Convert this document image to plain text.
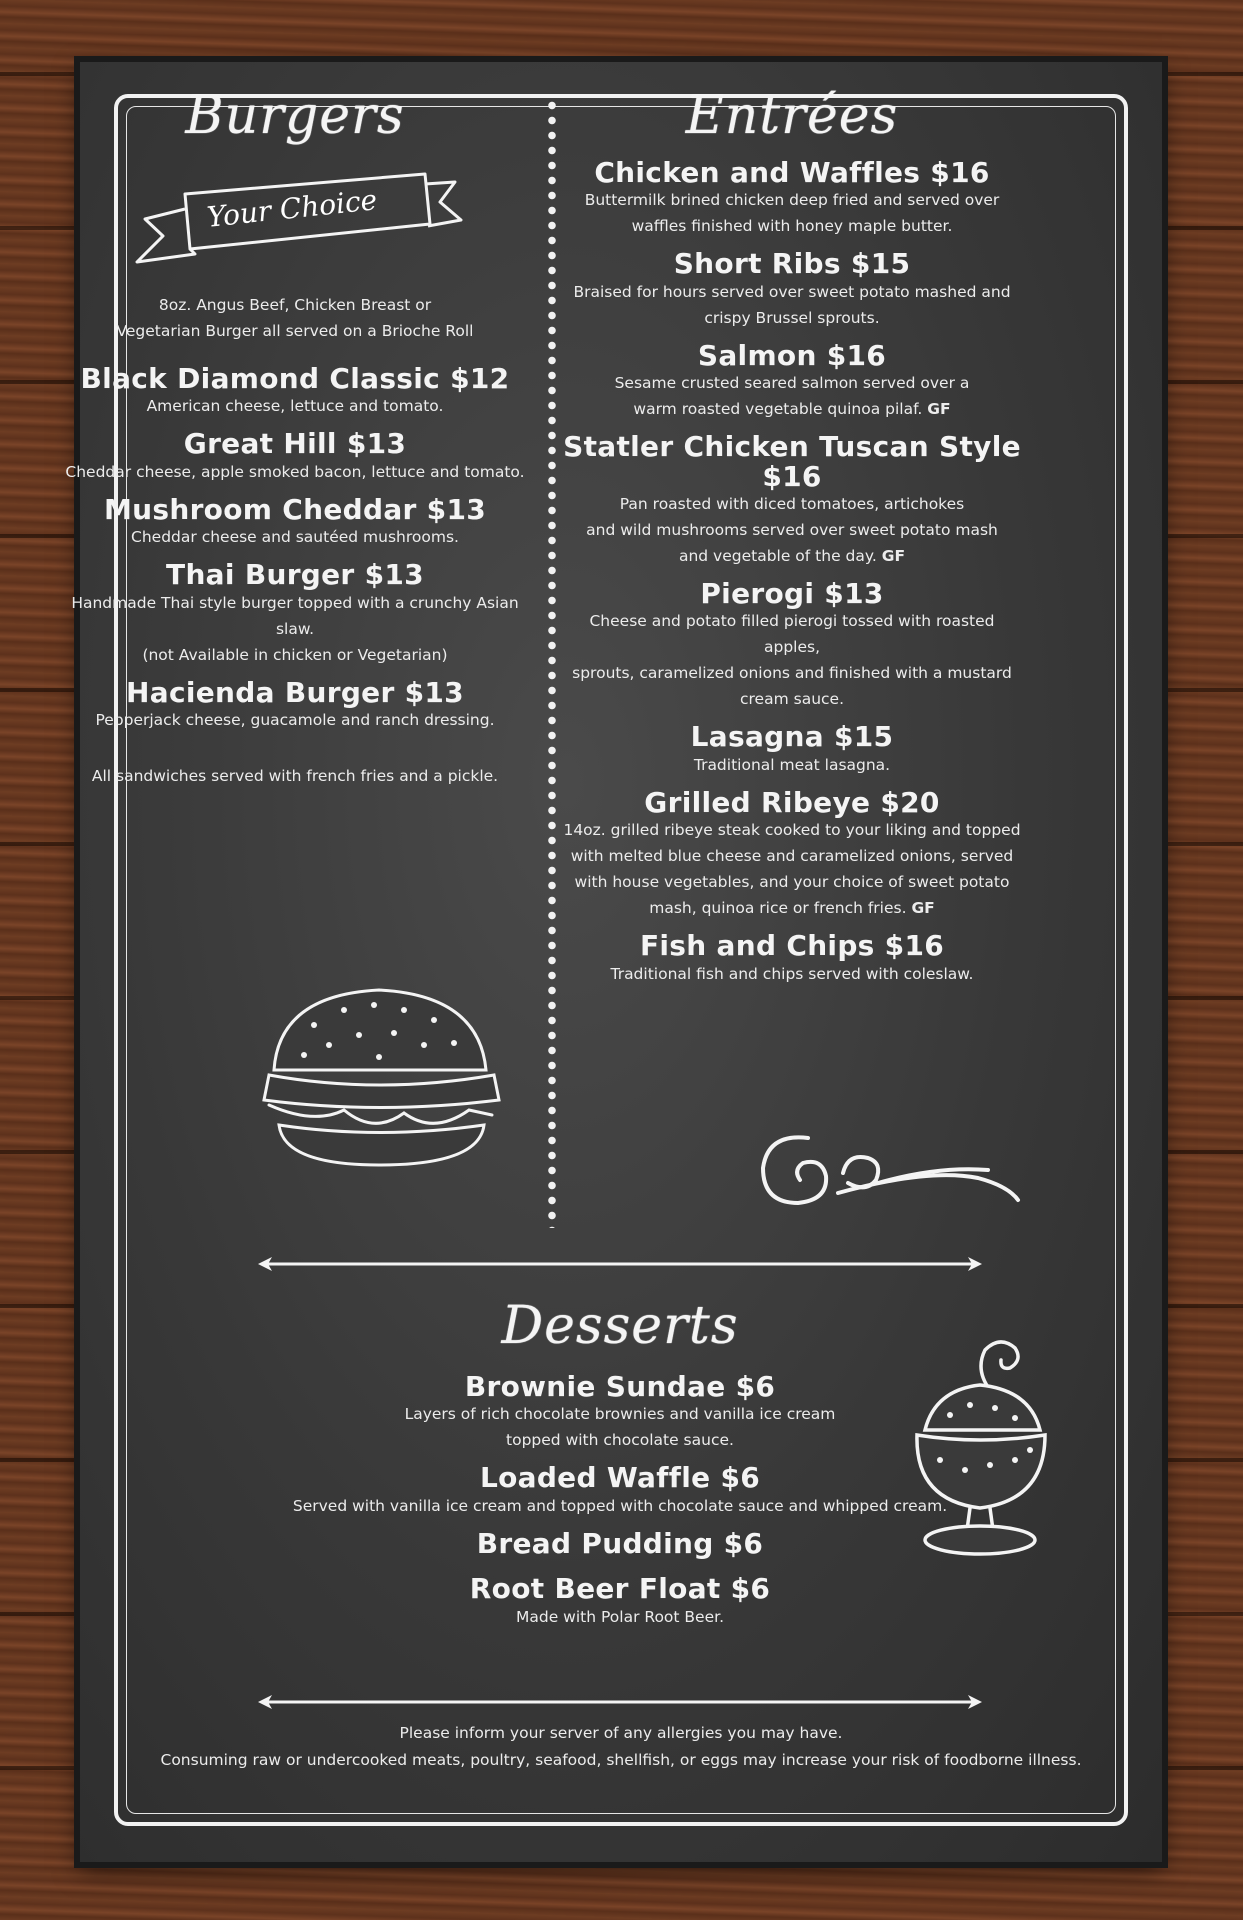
Burgers
Your Choice

8oz. Angus Beef, Chicken Breast or

Vegetarian Burger all served on a Brioche Roll

Black Diamond Classic $12

American cheese, lettuce and tomato.

Great Hill $13

Cheddar cheese, apple smoked bacon, lettuce and tomato.

Mushroom Cheddar $13

Cheddar cheese and sautéed mushrooms.

Thai Burger $13

Handmade Thai style burger topped with a crunchy Asian slaw.

(not Available in chicken or Vegetarian)

Hacienda Burger $13

Pepperjack cheese, guacamole and ranch dressing.

All sandwiches served with french fries and a pickle.

Entrées

Chicken and Waffles $16

Buttermilk brined chicken deep fried and served over

waffles finished with honey maple butter.

Short Ribs $15

Braised for hours served over sweet potato mashed and

crispy Brussel sprouts.

Salmon $16

Sesame crusted seared salmon served over a

warm roasted vegetable quinoa pilaf. GF

Statler Chicken Tuscan Style $16

Pan roasted with diced tomatoes, artichokes

and wild mushrooms served over sweet potato mash

and vegetable of the day. GF

Pierogi $13

Cheese and potato filled pierogi tossed with roasted apples,

sprouts, caramelized onions and finished with a mustard

cream sauce.

Lasagna $15

Traditional meat lasagna.

Grilled Ribeye $20

14oz. grilled ribeye steak cooked to your liking and topped

with melted blue cheese and caramelized onions, served

with house vegetables, and your choice of sweet potato

mash, quinoa rice or french fries. GF

Fish and Chips $16

Traditional fish and chips served with coleslaw.

Desserts

Brownie Sundae $6

Layers of rich chocolate brownies and vanilla ice cream

topped with chocolate sauce.

Loaded Waffle $6

Served with vanilla ice cream and topped with chocolate sauce and whipped cream.

Bread Pudding $6

Root Beer Float $6

Made with Polar Root Beer.

Please inform your server of any allergies you may have.
Consuming raw or undercooked meats, poultry, seafood, shellfish, or eggs may increase your risk of foodborne illness.
